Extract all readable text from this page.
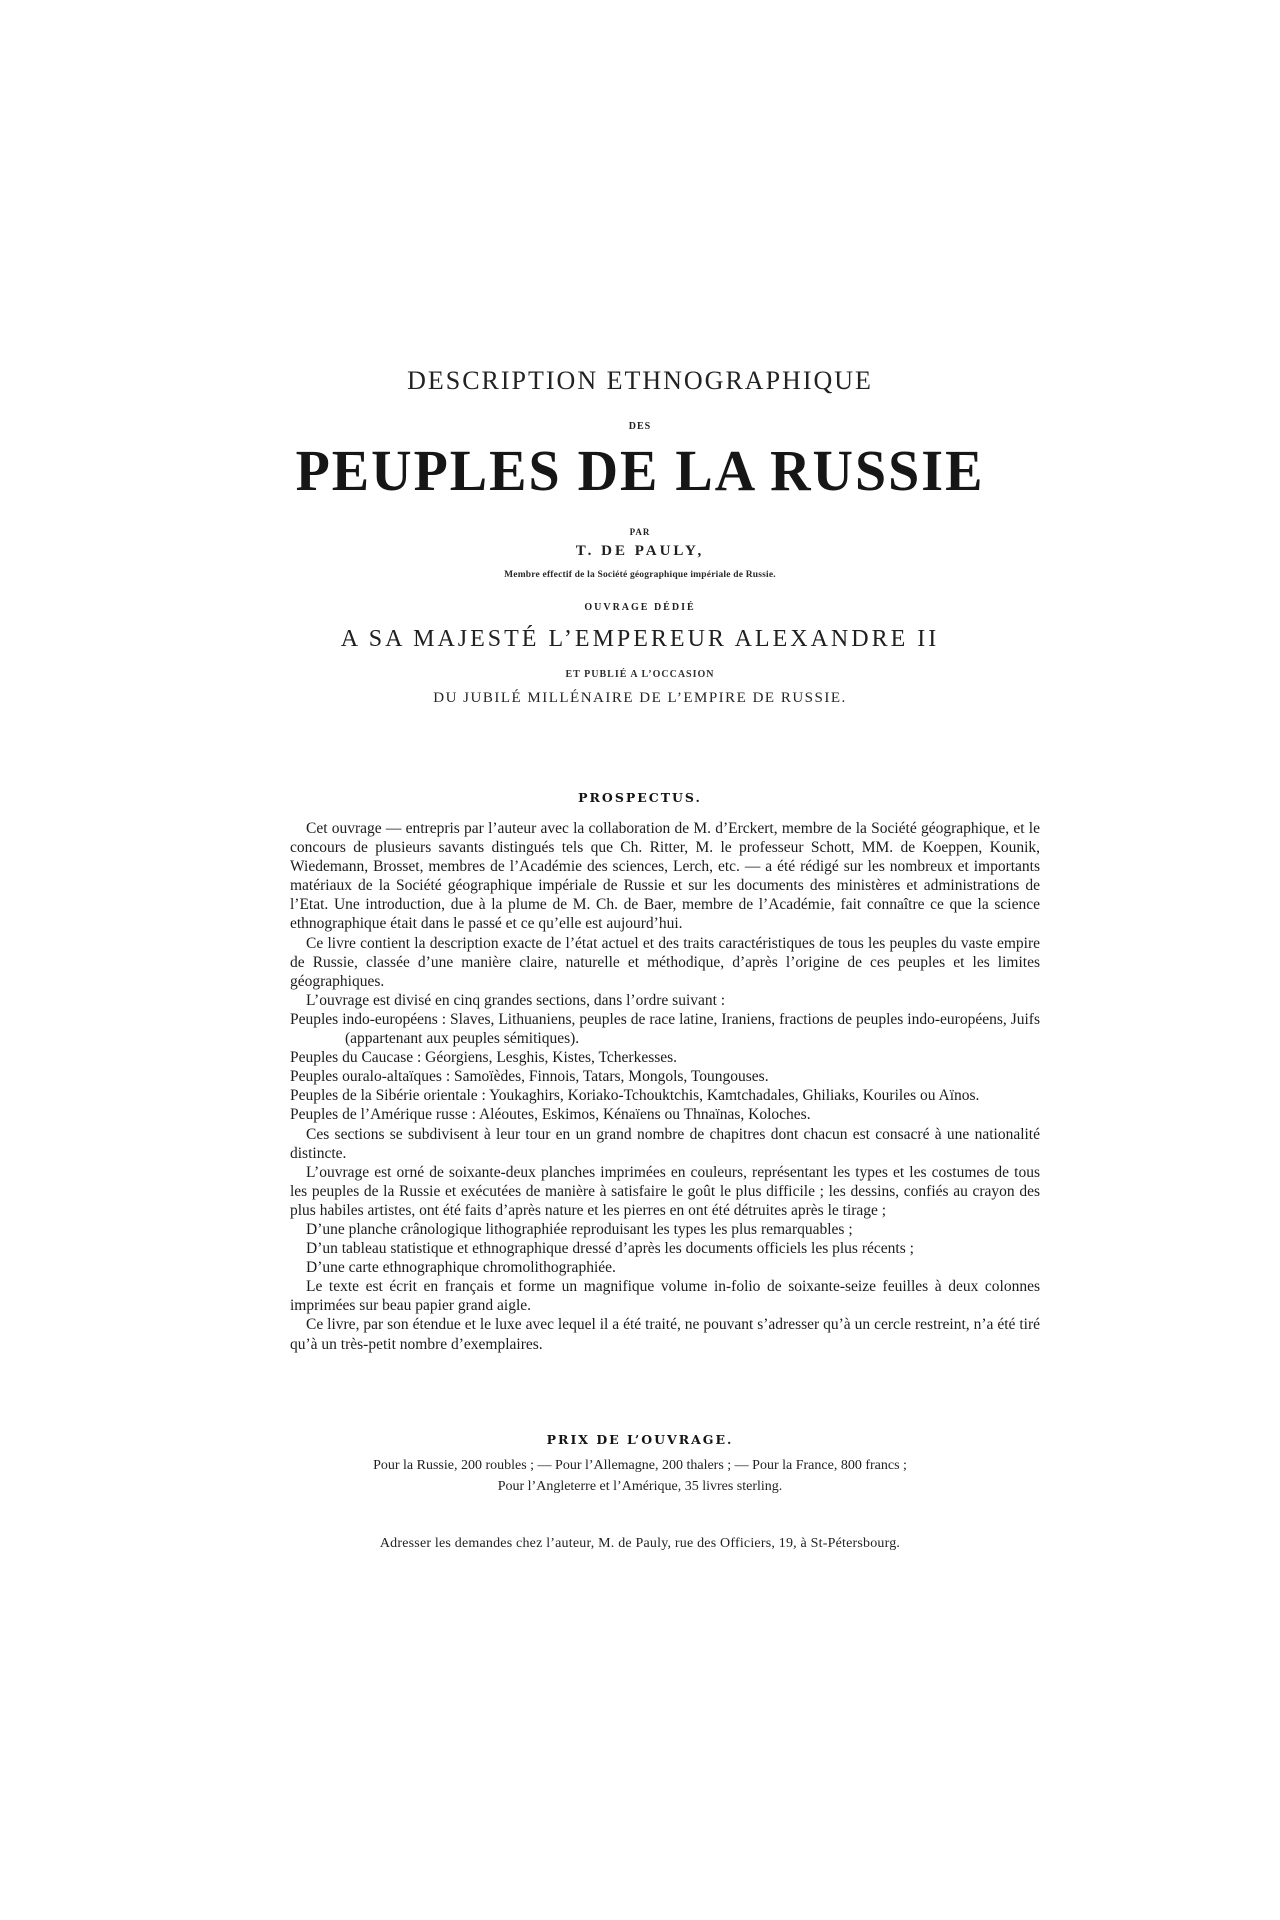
DESCRIPTION ETHNOGRAPHIQUE
DES
PEUPLES DE LA RUSSIE
PAR
T. DE PAULY,
Membre effectif de la Société géographique impériale de Russie.
OUVRAGE DÉDIÉ
A SA MAJESTÉ L’EMPEREUR ALEXANDRE II
ET PUBLIÉ A L’OCCASION
DU JUBILÉ MILLÉNAIRE DE L’EMPIRE DE RUSSIE.
PROSPECTUS.

Cet ouvrage — entrepris par l’auteur avec la collaboration de M. d’Erckert, membre de la Société géographique, et le concours de plusieurs savants distingués tels que Ch. Ritter, M. le professeur Schott, MM. de Koeppen, Kounik, Wiedemann, Brosset, membres de l’Académie des sciences, Lerch, etc. — a été rédigé sur les nombreux et importants matériaux de la Société géographique impériale de Russie et sur les documents des ministères et administrations de l’Etat. Une introduction, due à la plume de M. Ch. de Baer, membre de l’Académie, fait connaître ce que la science ethnographique était dans le passé et ce qu’elle est aujourd’hui.

Ce livre contient la description exacte de l’état actuel et des traits caractéristiques de tous les peuples du vaste empire de Russie, classée d’une manière claire, naturelle et méthodique, d’après l’origine de ces peuples et les limites géographiques.

L’ouvrage est divisé en cinq grandes sections, dans l’ordre suivant :

Peuples indo-européens : Slaves, Lithuaniens, peuples de race latine, Iraniens, fractions de peuples indo-européens, Juifs (appartenant aux peuples sémitiques).

Peuples du Caucase : Géorgiens, Lesghis, Kistes, Tcherkesses.

Peuples ouralo-altaïques : Samoïèdes, Finnois, Tatars, Mongols, Toungouses.

Peuples de la Sibérie orientale : Youkaghirs, Koriako-Tchouktchis, Kamtchadales, Ghiliaks, Kouriles ou Aïnos.

Peuples de l’Amérique russe : Aléoutes, Eskimos, Kénaïens ou Thnaïnas, Koloches.

Ces sections se subdivisent à leur tour en un grand nombre de chapitres dont chacun est consacré à une nationalité distincte.

L’ouvrage est orné de soixante-deux planches imprimées en couleurs, représentant les types et les costumes de tous les peuples de la Russie et exécutées de manière à satisfaire le goût le plus difficile ; les dessins, confiés au crayon des plus habiles artistes, ont été faits d’après nature et les pierres en ont été détruites après le tirage ;

D’une planche crânologique lithographiée reproduisant les types les plus remarquables ;

D’un tableau statistique et ethnographique dressé d’après les documents officiels les plus récents ;

D’une carte ethnographique chromolithographiée.

Le texte est écrit en français et forme un magnifique volume in-folio de soixante-seize feuilles à deux colonnes imprimées sur beau papier grand aigle.

Ce livre, par son étendue et le luxe avec lequel il a été traité, ne pouvant s’adresser qu’à un cercle restreint, n’a été tiré qu’à un très-petit nombre d’exemplaires.

PRIX DE L’OUVRAGE.
Pour la Russie, 200 roubles ; — Pour l’Allemagne, 200 thalers ; — Pour la France, 800 francs ;
Pour l’Angleterre et l’Amérique, 35 livres sterling.
Adresser les demandes chez l’auteur, M. de Pauly, rue des Officiers, 19, à St-Pétersbourg.
